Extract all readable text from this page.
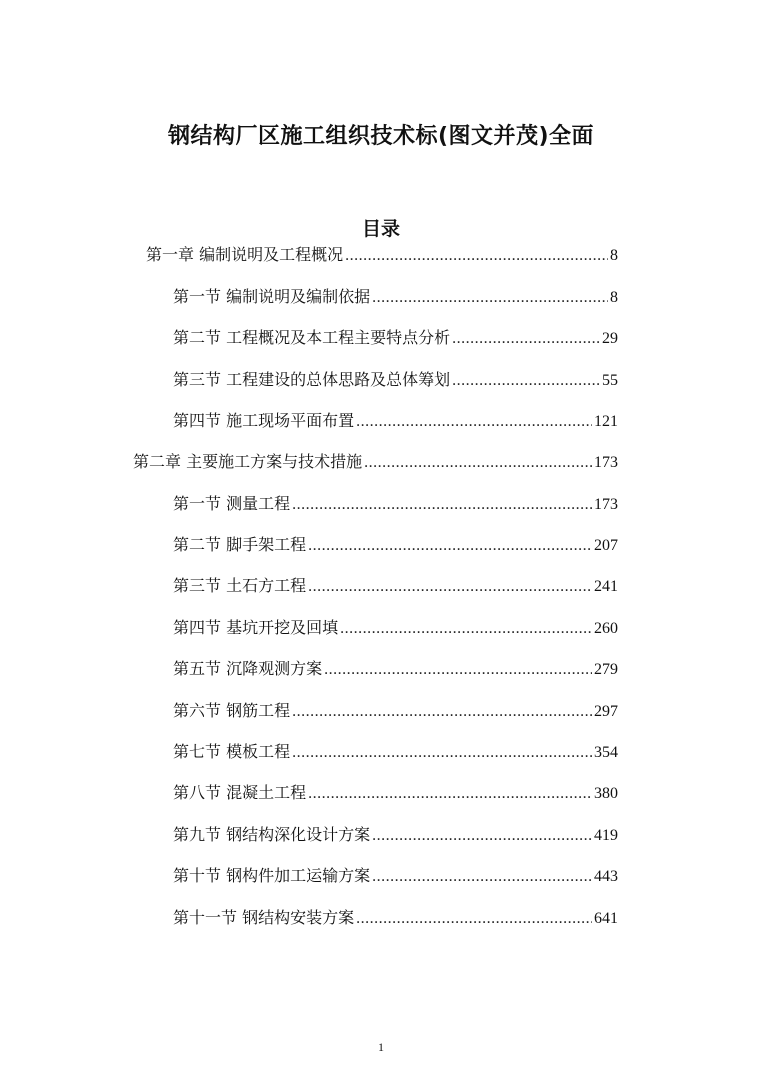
钢结构厂区施工组织技术标(图文并茂)全面
目录
第一章 编制说明及工程概况 .....	8
第一节 编制说明及编制依据 .....	8
第二节 工程概况及本工程主要特点分析 .....	29
第三节 工程建设的总体思路及总体筹划 .....	55
第四节 施工现场平面布置 .....	121
第二章 主要施工方案与技术措施 .....	173
第一节 测量工程 .....	173
第二节 脚手架工程 .....	207
第三节 土石方工程 .....	241
第四节 基坑开挖及回填 .....	260
第五节 沉降观测方案 .....	279
第六节 钢筋工程 .....	297
第七节 模板工程 .....	354
第八节 混凝土工程 .....	380
第九节 钢结构深化设计方案 .....	419
第十节 钢构件加工运输方案 .....	443
第十一节 钢结构安装方案 .....	641
1
